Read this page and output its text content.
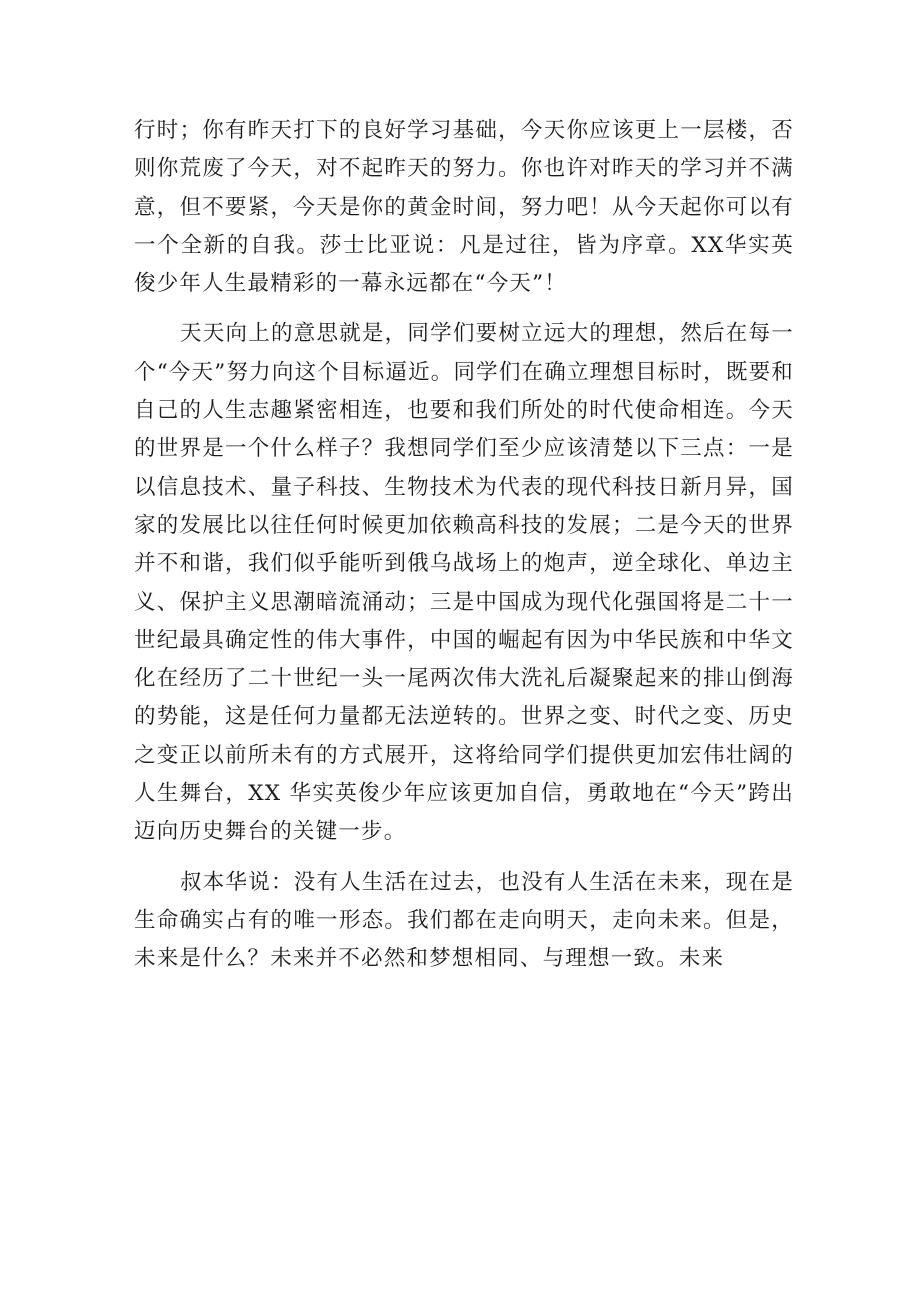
行时；你有昨天打下的良好学习基础，今天你应该更上一层楼，否则你荒废了今天，对不起昨天的努力。你也许对昨天的学习并不满意，但不要紧，今天是你的黄金时间，努力吧！从今天起你可以有一个全新的自我。莎士比亚说：凡是过往，皆为序章。XX华实英俊少年人生最精彩的一幕永远都在“今天”！

天天向上的意思就是，同学们要树立远大的理想，然后在每一个“今天”努力向这个目标逼近。同学们在确立理想目标时，既要和自己的人生志趣紧密相连，也要和我们所处的时代使命相连。今天的世界是一个什么样子？我想同学们至少应该清楚以下三点：一是以信息技术、量子科技、生物技术为代表的现代科技日新月异，国家的发展比以往任何时候更加依赖高科技的发展；二是今天的世界并不和谐，我们似乎能听到俄乌战场上的炮声，逆全球化、单边主义、保护主义思潮暗流涌动；三是中国成为现代化强国将是二十一世纪最具确定性的伟大事件，中国的崛起有因为中华民族和中华文化在经历了二十世纪一头一尾两次伟大洗礼后凝聚起来的排山倒海的势能，这是任何力量都无法逆转的。世界之变、时代之变、历史之变正以前所未有的方式展开，这将给同学们提供更加宏伟壮阔的人生舞台，XX 华实英俊少年应该更加自信，勇敢地在“今天”跨出迈向历史舞台的关键一步。

叔本华说：没有人生活在过去，也没有人生活在未来，现在是生命确实占有的唯一形态。我们都在走向明天，走向未来。但是，未来是什么？未来并不必然和梦想相同、与理想一致。未来
